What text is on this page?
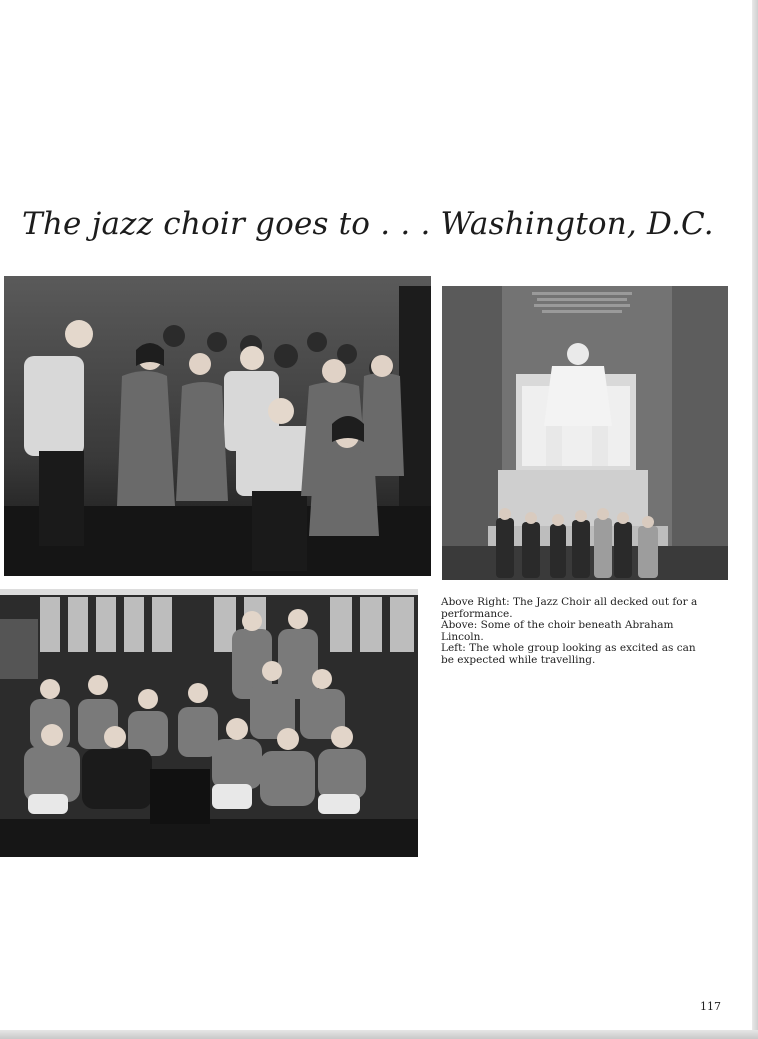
The jazz choir goes to . . . Washington, D.C.

Above Right: The Jazz Choir all decked out for a performance.

Above: Some of the choir beneath Abraham Lincoln.

Left: The whole group looking as excited as can be expected while travelling.

117
